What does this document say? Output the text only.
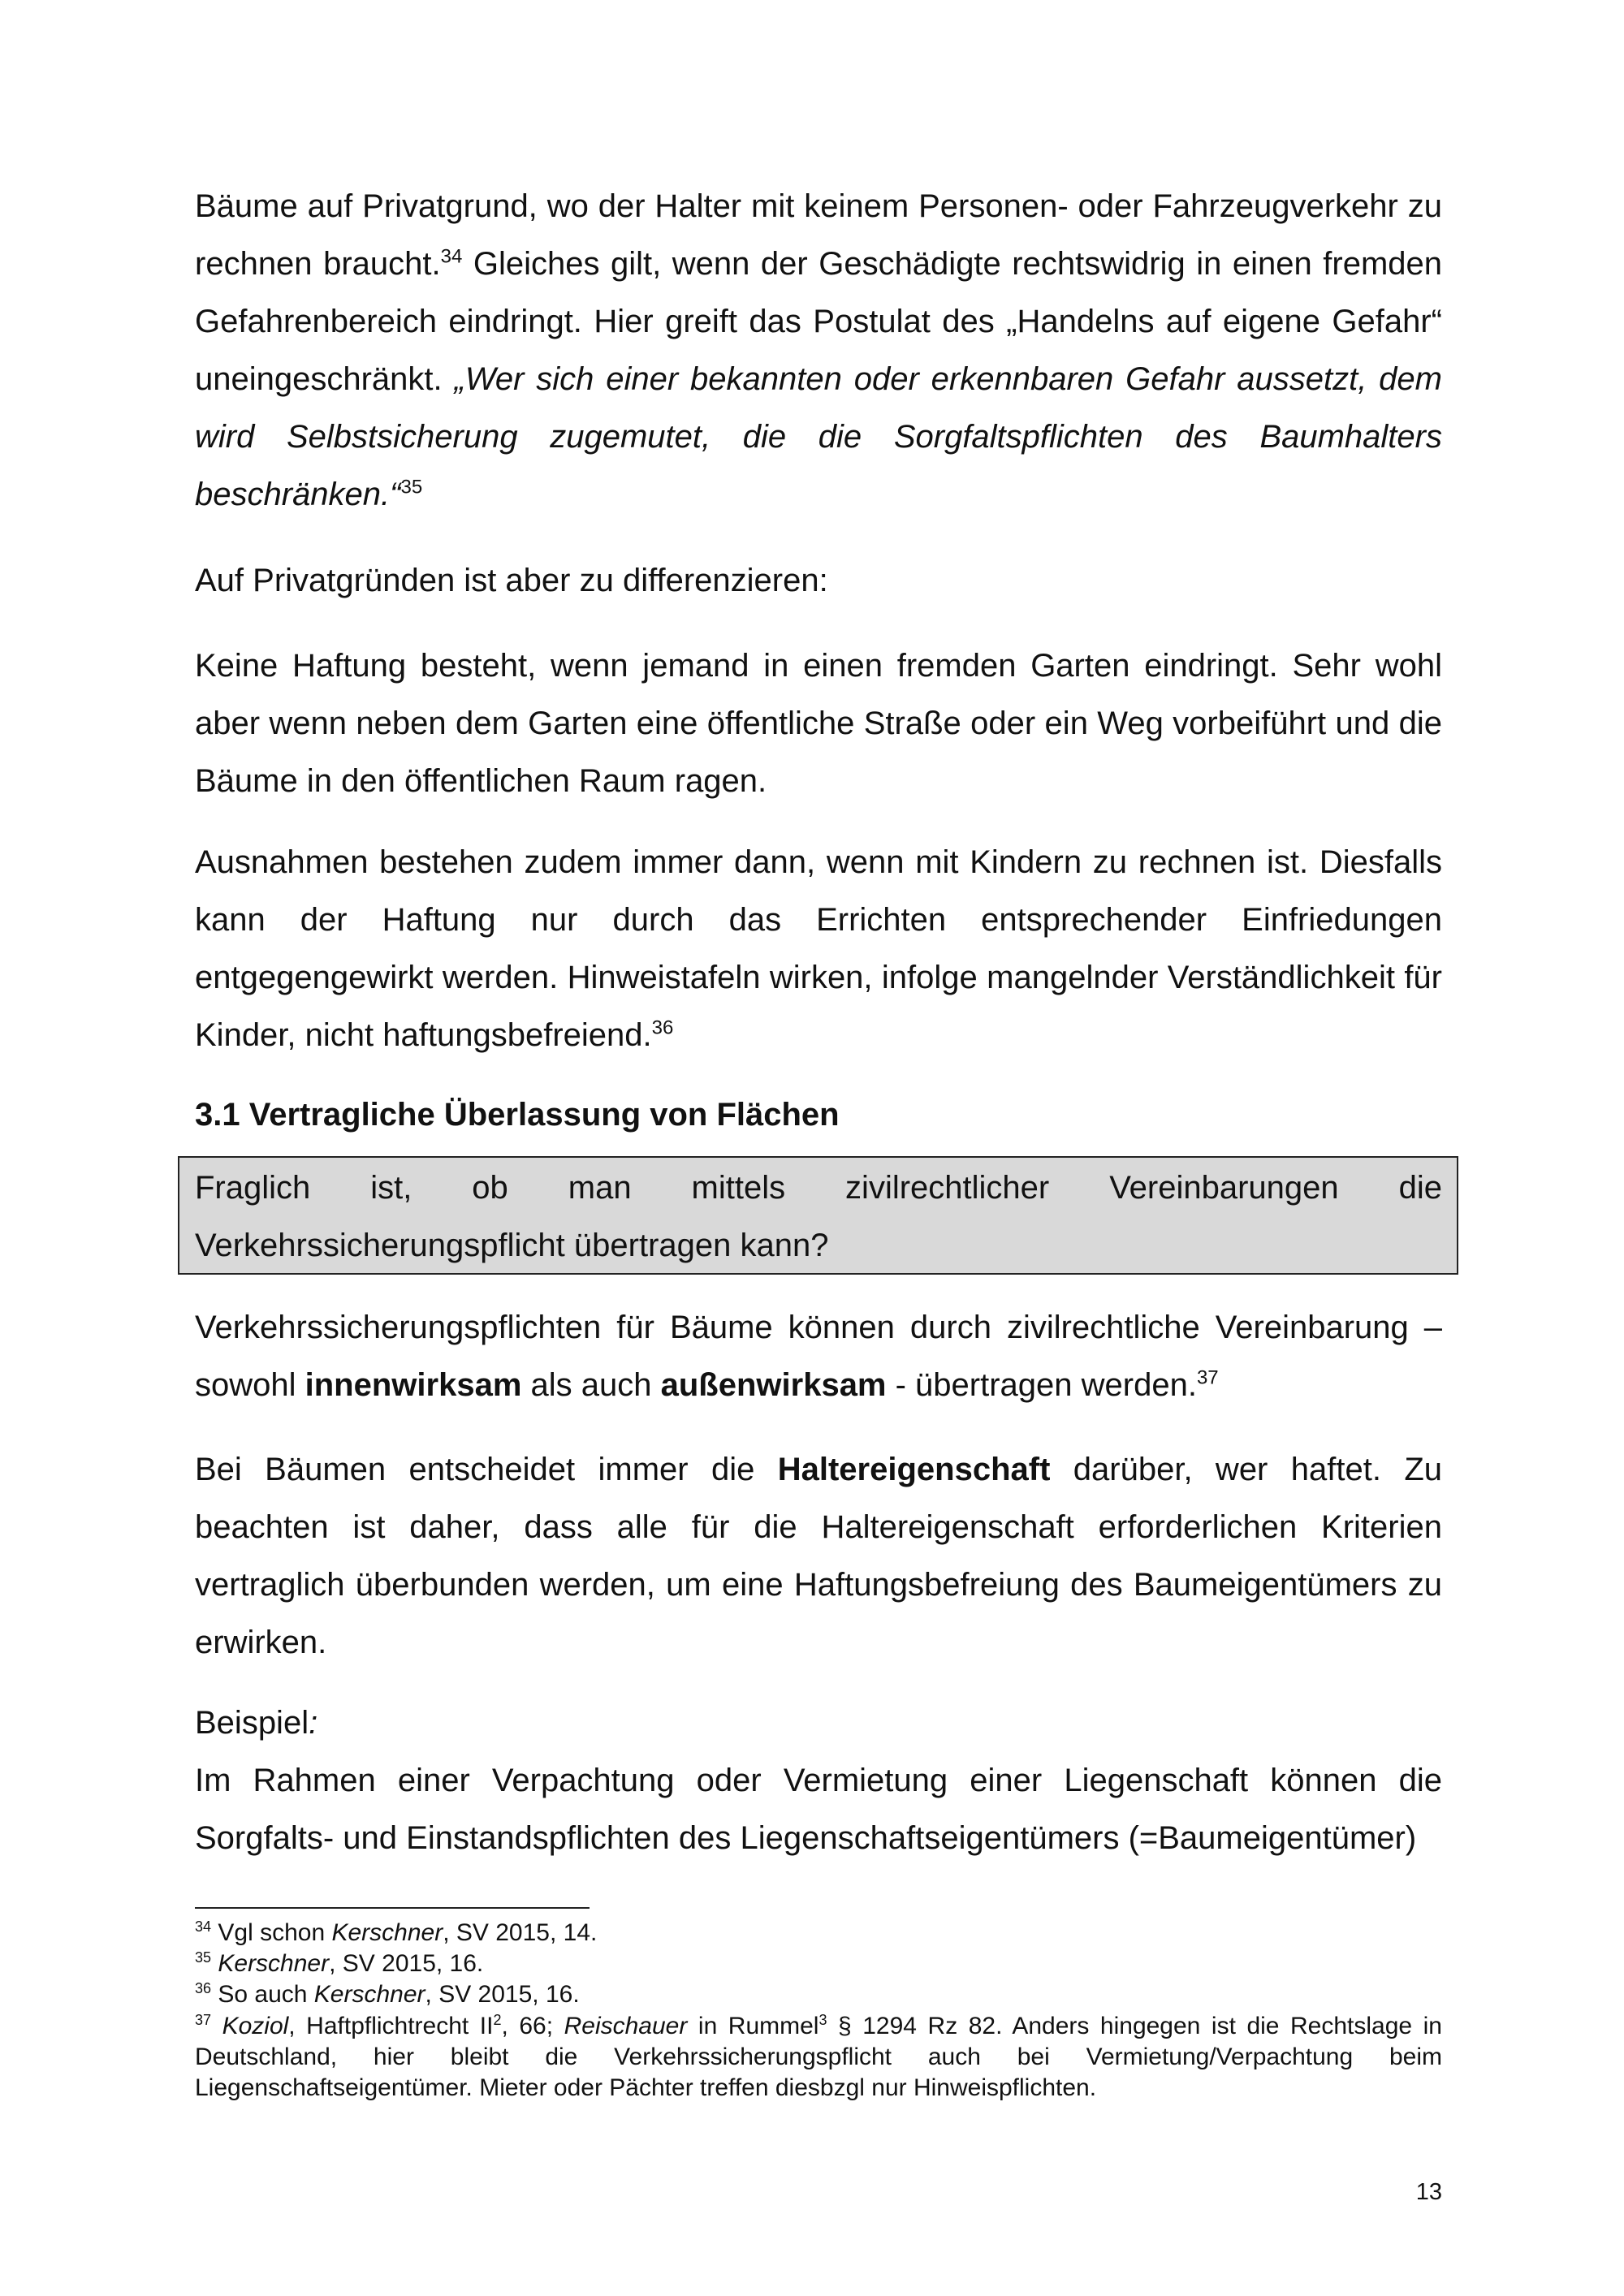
Bäume auf Privatgrund, wo der Halter mit keinem Personen- oder Fahrzeugverkehr zu rechnen braucht.$^{34}$ Gleiches gilt, wenn der Geschädigte rechtswidrig in einen fremden Gefahrenbereich eindringt. Hier greift das Postulat des „Handelns auf eigene Gefahr“ uneingeschränkt. „Wer sich einer bekannten oder erkennbaren Gefahr aussetzt, dem wird Selbstsicherung zugemutet, die die Sorgfaltspflichten des Baumhalters beschränken.“$^{35}$

Auf Privatgründen ist aber zu differenzieren:

Keine Haftung besteht, wenn jemand in einen fremden Garten eindringt. Sehr wohl aber wenn neben dem Garten eine öffentliche Straße oder ein Weg vorbeiführt und die Bäume in den öffentlichen Raum ragen.

Ausnahmen bestehen zudem immer dann, wenn mit Kindern zu rechnen ist. Diesfalls kann der Haftung nur durch das Errichten entsprechender Einfriedungen entgegengewirkt werden. Hinweistafeln wirken, infolge mangelnder Verständlichkeit für Kinder, nicht haftungsbefreiend.$^{36}$

3.1 Vertragliche Überlassung von Flächen
Fraglich ist, ob man mittels zivilrechtlicher Vereinbarungen die Verkehrssicherungspflicht übertragen kann?

Verkehrssicherungspflichten für Bäume können durch zivilrechtliche Vereinbarung – sowohl innenwirksam als auch außenwirksam - übertragen werden.$^{37}$

Bei Bäumen entscheidet immer die Haltereigenschaft darüber, wer haftet. Zu beachten ist daher, dass alle für die Haltereigenschaft erforderlichen Kriterien vertraglich überbunden werden, um eine Haftungsbefreiung des Baumeigentümers zu erwirken.

Beispiel:
Im Rahmen einer Verpachtung oder Vermietung einer Liegenschaft können die Sorgfalts- und Einstandspflichten des Liegenschaftseigentümers (=Baumeigentümer)

$^{34}$ Vgl schon Kerschner, SV 2015, 14.
$^{35}$ Kerschner, SV 2015, 16.
$^{36}$ So auch Kerschner, SV 2015, 16.
$^{37}$ Koziol, Haftpflichtrecht $II^2$, 66; Reischauer in Rummel$^3$ § 1294 Rz 82. Anders hingegen ist die Rechtslage in Deutschland, hier bleibt die Verkehrssicherungspflicht auch bei Vermietung/Verpachtung beim Liegenschaftseigentümer. Mieter oder Pächter treffen diesbzgl nur Hinweispflichten.
13
